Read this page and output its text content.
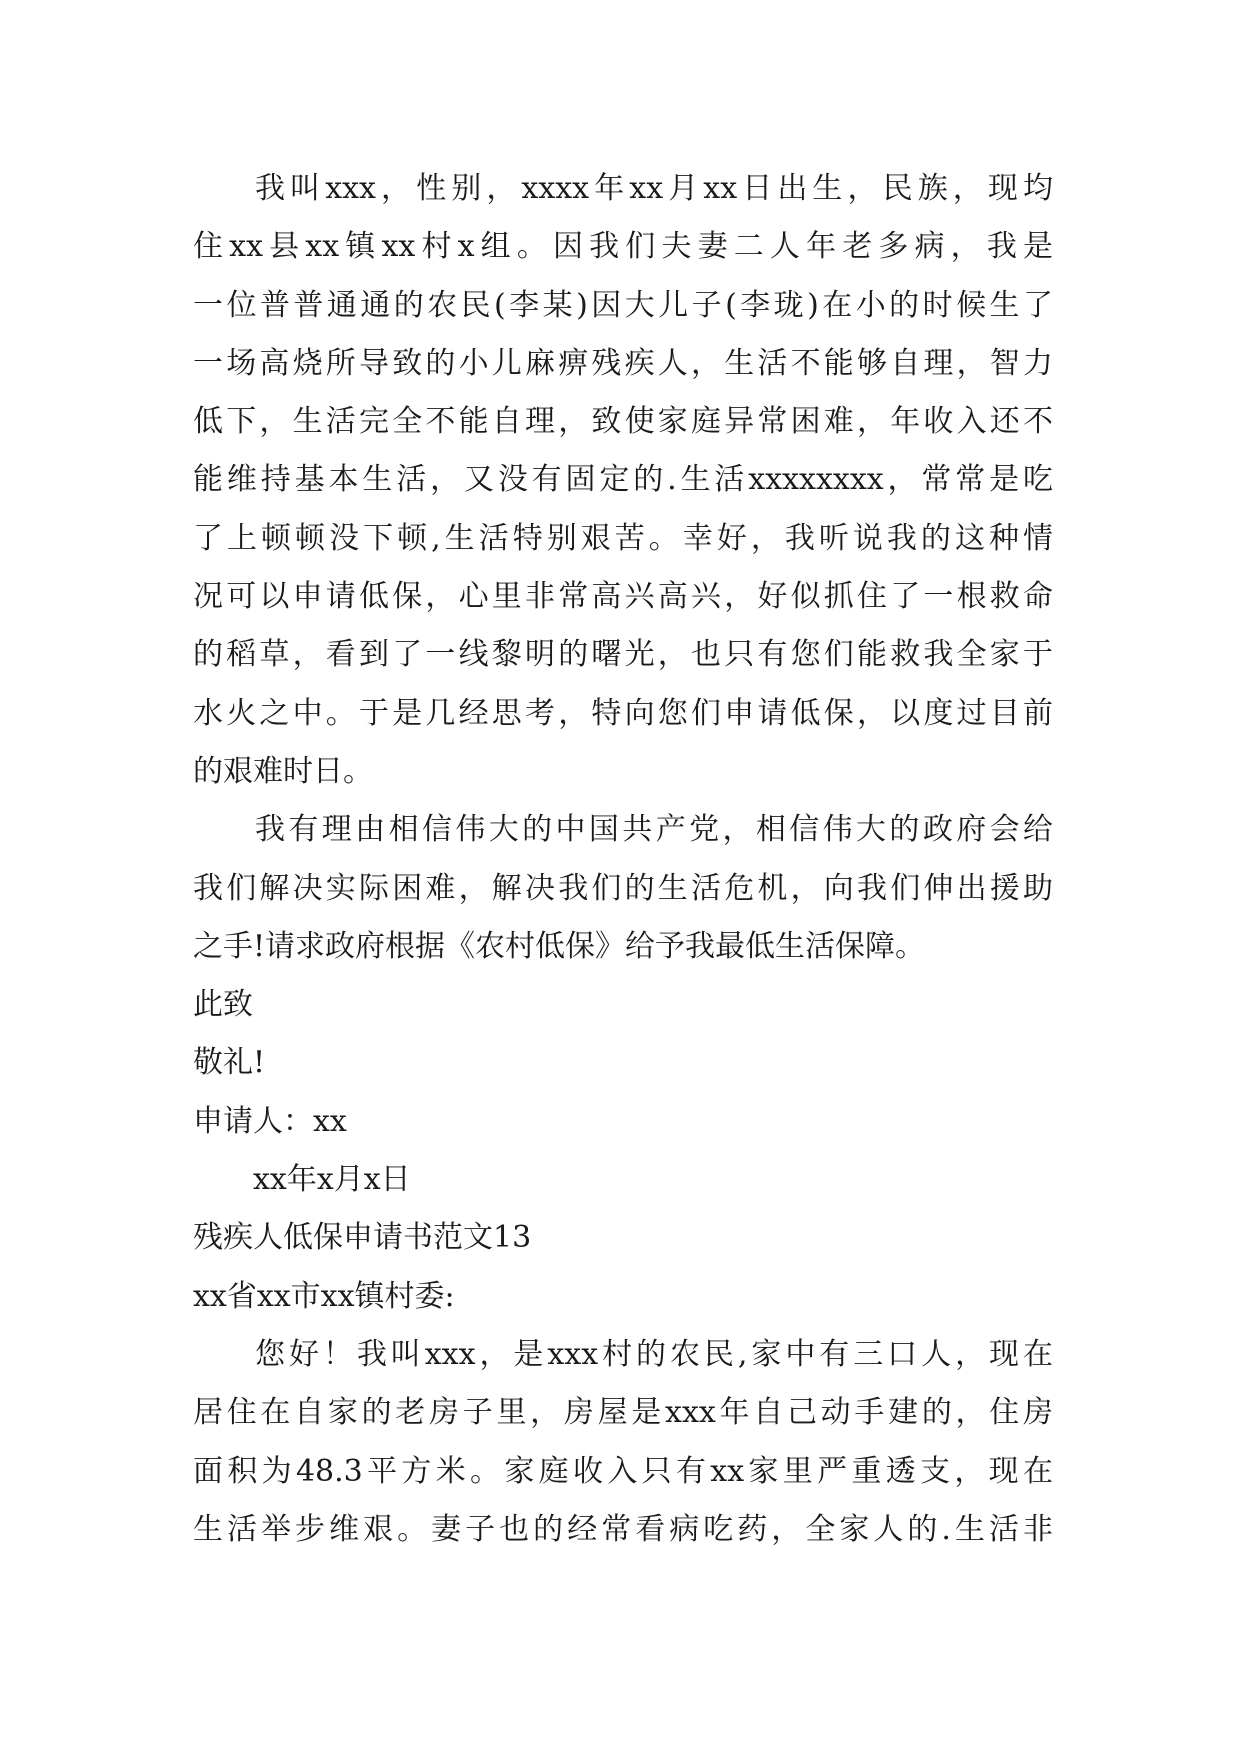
我叫xxx，性别，xxxx年xx月xx日出生，民族，现均
住xx县xx镇xx村x组。因我们夫妻二人年老多病，我是
一位普普通通的农民(李某)因大儿子(李珑)在小的时候生了
一场高烧所导致的小儿麻痹残疾人，生活不能够自理，智力
低下，生活完全不能自理，致使家庭异常困难，年收入还不
能维持基本生活，又没有固定的.生活xxxxxxxx，常常是吃
了上顿顿没下顿,生活特别艰苦。幸好，我听说我的这种情
况可以申请低保，心里非常高兴高兴，好似抓住了一根救命
的稻草，看到了一线黎明的曙光，也只有您们能救我全家于
水火之中。于是几经思考，特向您们申请低保，以度过目前
的艰难时日。
我有理由相信伟大的中国共产党，相信伟大的政府会给
我们解决实际困难，解决我们的生活危机，向我们伸出援助
之手!请求政府根据《农村低保》给予我最低生活保障。
此致
敬礼!
申请人：xx
xx年x月x日
残疾人低保申请书范文13
xx省xx市xx镇村委:
您好！我叫xxx，是xxx村的农民,家中有三口人，现在
居住在自家的老房子里，房屋是xxx年自己动手建的，住房
面积为48.3平方米。家庭收入只有xx家里严重透支，现在
生活举步维艰。妻子也的经常看病吃药，全家人的.生活非
